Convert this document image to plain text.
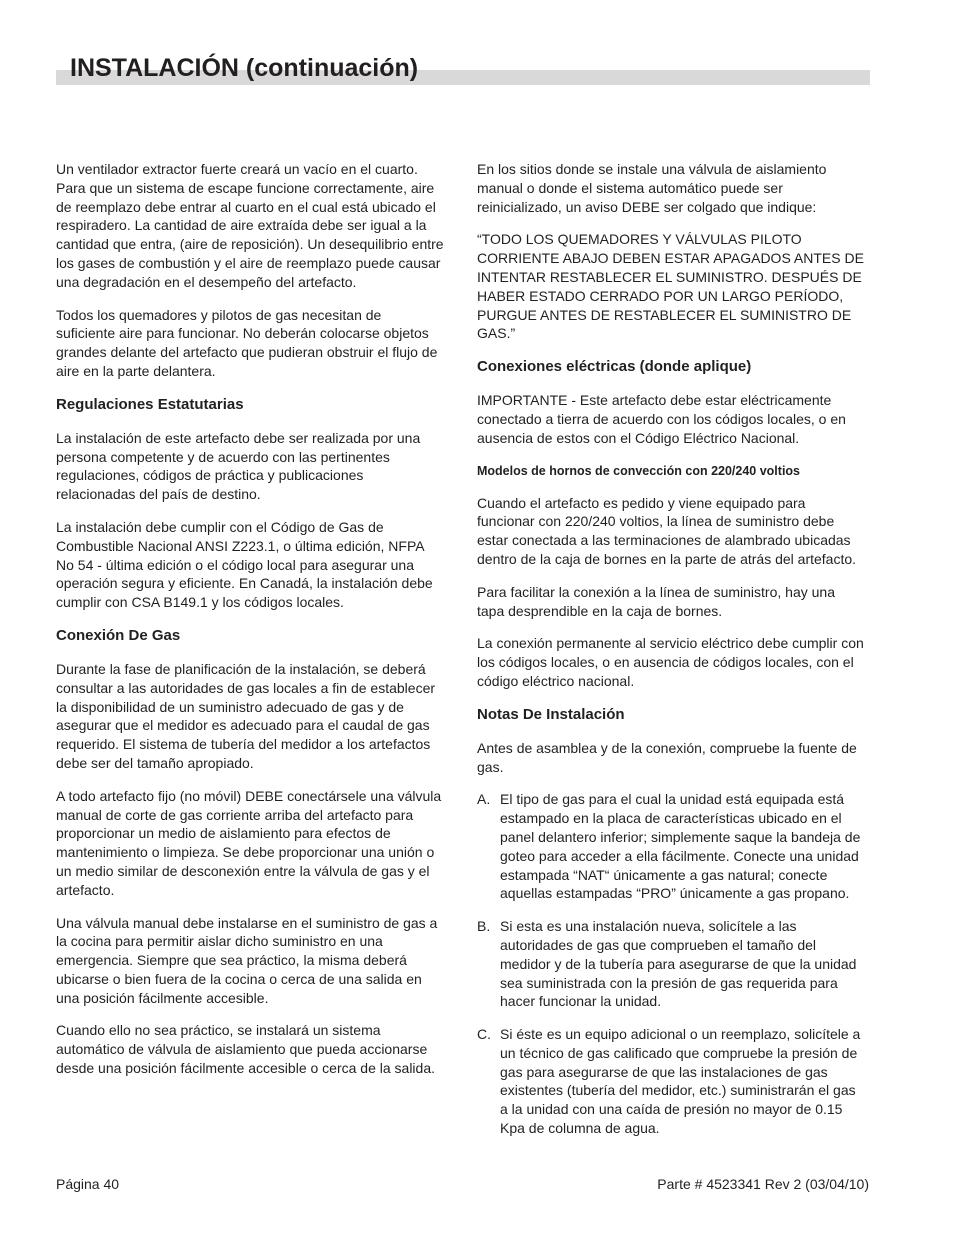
INSTALACIÓN (continuación)

Un ventilador extractor fuerte creará un vacío en el cuarto. Para que un sistema de escape funcione correctamente, aire de reemplazo debe entrar al cuarto en el cual está ubicado el respiradero. La cantidad de aire extraída debe ser igual a la cantidad que entra, (aire de reposición). Un desequilibrio entre los gases de combustión y el aire de reemplazo puede causar una degradación en el desempeño del artefacto.

Todos los quemadores y pilotos de gas necesitan de suficiente aire para funcionar. No deberán colocarse objetos grandes delante del artefacto que pudieran obstruir el flujo de aire en la parte delantera.

Regulaciones Estatutarias

La instalación de este artefacto debe ser realizada por una persona competente y de acuerdo con las pertinentes regulaciones, códigos de práctica y publicaciones relacionadas del país de destino.

La instalación debe cumplir con el Código de Gas de Combustible Nacional ANSI Z223.1, o última edición, NFPA No 54 - última edición o el código local para asegurar una operación segura y eficiente. En Canadá, la instalación debe cumplir con CSA B149.1 y los códigos locales.

Conexión De Gas

Durante la fase de planificación de la instalación, se deberá consultar a las autoridades de gas locales a fin de establecer la disponibilidad de un suministro adecuado de gas y de asegurar que el medidor es adecuado para el caudal de gas requerido. El sistema de tubería del medidor a los artefactos debe ser del tamaño apropiado.

A todo artefacto fijo (no móvil) DEBE conectársele una válvula manual de corte de gas corriente arriba del artefacto para proporcionar un medio de aislamiento para efectos de mantenimiento o limpieza. Se debe proporcionar una unión o un medio similar de desconexión entre la válvula de gas y el artefacto.

Una válvula manual debe instalarse en el suministro de gas a la cocina para permitir aislar dicho suministro en una emergencia. Siempre que sea práctico, la misma deberá ubicarse o bien fuera de la cocina o cerca de una salida en una posición fácilmente accesible.

Cuando ello no sea práctico, se instalará un sistema automático de válvula de aislamiento que pueda accionarse desde una posición fácilmente accesible o cerca de la salida.

En los sitios donde se instale una válvula de aislamiento manual o donde el sistema automático puede ser reinicializado, un aviso DEBE ser colgado que indique:

“TODO LOS QUEMADORES Y VÁLVULAS PILOTO CORRIENTE ABAJO DEBEN ESTAR APAGADOS ANTES DE INTENTAR RESTABLECER EL SUMINISTRO. DESPUÉS DE HABER ESTADO CERRADO POR UN LARGO PERÍODO, PURGUE ANTES DE RESTABLECER EL SUMINISTRO DE GAS.”

Conexiones eléctricas (donde aplique)

IMPORTANTE - Este artefacto debe estar eléctricamente conectado a tierra de acuerdo con los códigos locales, o en ausencia de estos con el Código Eléctrico Nacional.

Modelos de hornos de convección con 220/240 voltios

Cuando el artefacto es pedido y viene equipado para funcionar con 220/240 voltios, la línea de suministro debe estar conectada a las terminaciones de alambrado ubicadas dentro de la caja de bornes en la parte de atrás del artefacto.

Para facilitar la conexión a la línea de suministro, hay una tapa desprendible en la caja de bornes.

La conexión permanente al servicio eléctrico debe cumplir con los códigos locales, o en ausencia de códigos locales, con el código eléctrico nacional.

Notas De Instalación

Antes de asamblea y de la conexión, compruebe la fuente de gas.

A. El tipo de gas para el cual la unidad está equipada está estampado en la placa de características ubicado en el panel delantero inferior; simplemente saque la bandeja de goteo para acceder a ella fácilmente. Conecte una unidad estampada “NAT“ únicamente a gas natural; conecte aquellas estampadas “PRO” únicamente a gas propano.
B. Si esta es una instalación nueva, solicítele a las autoridades de gas que comprueben el tamaño del medidor y de la tubería para asegurarse de que la unidad sea suministrada con la presión de gas requerida para hacer funcionar la unidad.
C. Si éste es un equipo adicional o un reemplazo, solicítele a un técnico de gas calificado que compruebe la presión de gas para asegurarse de que las instalaciones de gas existentes (tubería del medidor, etc.) suministrarán el gas a la unidad con una caída de presión no mayor de 0.15 Kpa de columna de agua.
Página 40	Parte # 4523341 Rev 2 (03/04/10)
